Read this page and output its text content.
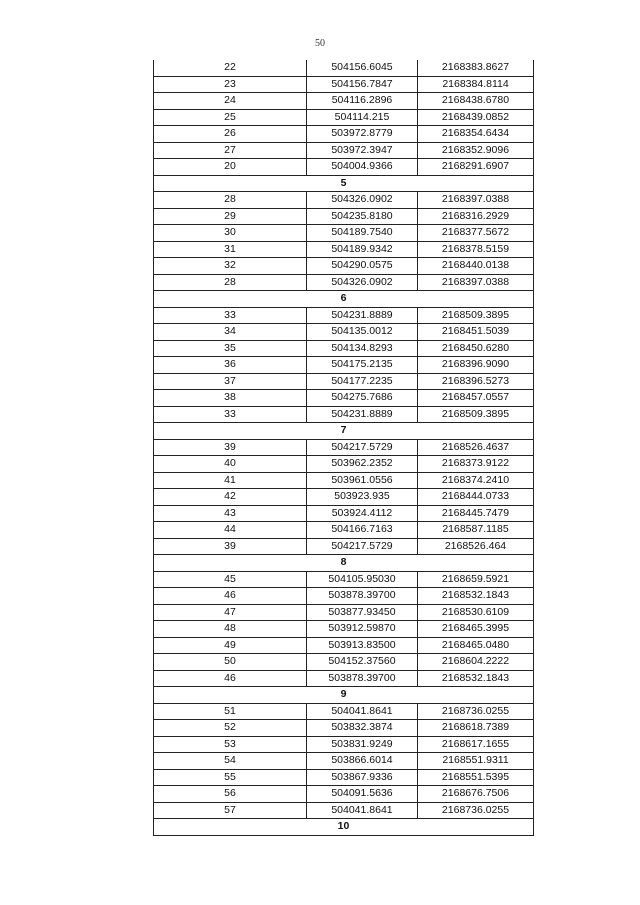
50
22	504156.6045	2168383.8627
23	504156.7847	2168384.8114
24	504116.2896	2168438.6780
25	504114.215	2168439.0852
26	503972.8779	2168354.6434
27	503972.3947	2168352.9096
20	504004.9366	2168291.6907
5		
28	504326.0902	2168397.0388
29	504235.8180	2168316.2929
30	504189.7540	2168377.5672
31	504189.9342	2168378.5159
32	504290.0575	2168440.0138
28	504326.0902	2168397.0388
6		
33	504231.8889	2168509.3895
34	504135.0012	2168451.5039
35	504134.8293	2168450.6280
36	504175.2135	2168396.9090
37	504177.2235	2168396.5273
38	504275.7686	2168457.0557
33	504231.8889	2168509.3895
7		
39	504217.5729	2168526.4637
40	503962.2352	2168373.9122
41	503961.0556	2168374.2410
42	503923.935	2168444.0733
43	503924.4112	2168445.7479
44	504166.7163	2168587.1185
39	504217.5729	2168526.464
8		
45	504105.95030	2168659.5921
46	503878.39700	2168532.1843
47	503877.93450	2168530.6109
48	503912.59870	2168465.3995
49	503913.83500	2168465.0480
50	504152.37560	2168604.2222
46	503878.39700	2168532.1843
9		
51	504041.8641	2168736.0255
52	503832.3874	2168618.7389
53	503831.9249	2168617.1655
54	503866.6014	2168551.9311
55	503867.9336	2168551.5395
56	504091.5636	2168676.7506
57	504041.8641	2168736.0255
10		
